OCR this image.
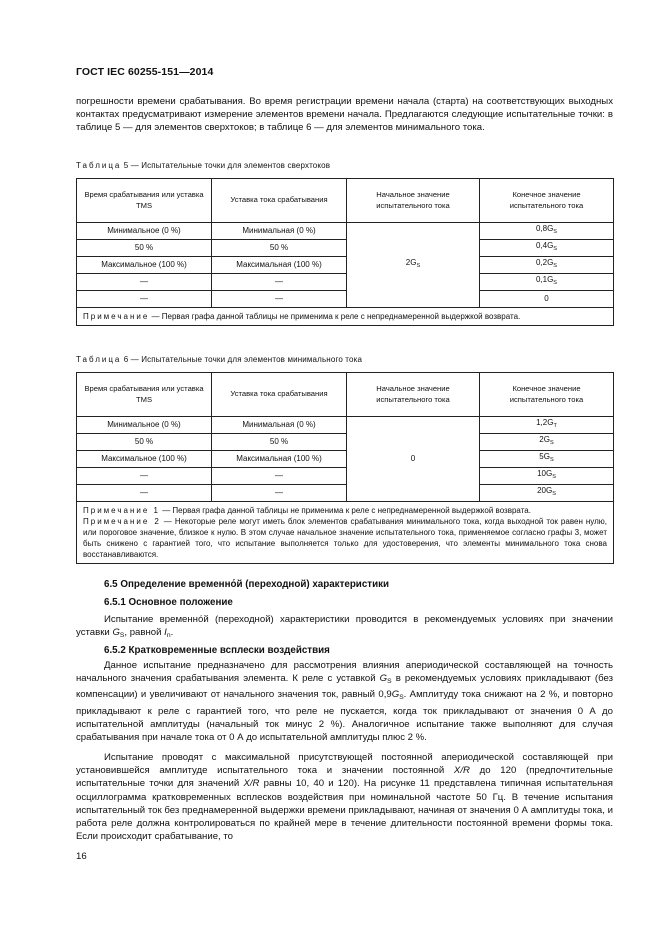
ГОСТ IEC 60255-151—2014

погрешности времени срабатывания. Во время регистрации времени начала (старта) на соответствующих выходных контактах предусматривают измерение элементов времени начала. Предлагаются следующие испытательные точки: в таблице 5 — для элементов сверхтоков; в таблице 6 — для элементов минимального тока.

Таблица 5 — Испытательные точки для элементов сверхтоков
Время срабатывания или уставка TMS	Уставка тока срабатывания	Начальное значение испытательного тока	Конечное значение испытательного тока
Минимальное (0 %)	Минимальная (0 %)	$2G_S$	$0,8G_S$
50 %	50 %		$0,4G_S$
Максимальное (100 %)	Максимальная (100 %)		$0,2G_S$
—	—		$0,1G_S$
—	—		0

Примечание — Первая графа данной таблицы не применима к реле с непреднамеренной выдержкой возврата.			

Таблица 6 — Испытательные точки для элементов минимального тока
Время срабатывания или уставка TMS	Уставка тока срабатывания	Начальное значение испытательного тока	Конечное значение испытательного тока
Минимальное (0 %)	Минимальная (0 %)	0	$1,2G_T$
50 %	50 %		$2G_S$
Максимальное (100 %)	Максимальная (100 %)		$5G_S$
—	—		$10G_S$
—	—		$20G_S$

Примечание 1 — Первая графа данной таблицы не применима к реле с непреднамеренной выдержкой возврата.

Примечание 2 — Некоторые реле могут иметь блок элементов срабатывания минимального тока, когда выходной ток равен нулю, или пороговое значение, близкое к нулю. В этом случае начальное значение испытательного тока, применяемое согласно графы 3, может быть снижено с гарантией того, что испытание выполняется только для удостоверения, что элементы минимального тока снова восстанавливаются.			

6.5 Определение временно́й (переходной) характеристики
6.5.1 Основное положение

Испытание временно́й (переходной) характеристики проводится в рекомендуемых условиях при значении уставки $G_S$, равной $I_n$.

6.5.2 Кратковременные всплески воздействия

Данное испытание предназначено для рассмотрения влияния апериодической составляющей на точность начального значения срабатывания элемента. К реле с уставкой $G_S$ в рекомендуемых условиях прикладывают (без компенсации) и увеличивают от начального значения ток, равный $0,9G_S$. Амплитуду тока снижают на 2 %, и повторно прикладывают к реле с гарантией того, что реле не пускается, когда ток прикладывают от значения 0 А до испытательной амплитуды (начальный ток минус 2 %). Аналогичное испытание также выполняют для случая срабатывания при начале тока от 0 А до испытательной амплитуды плюс 2 %.

Испытание проводят с максимальной присутствующей постоянной апериодической составляющей при установившейся амплитуде испытательного тока и значении постоянной X/R до 120 (предпочтительные испытательные точки для значений X/R равны 10, 40 и 120). На рисунке 11 представлена типичная испытательная осциллограмма кратковременных всплесков воздействия при номинальной частоте 50 Гц. В течение испытания испытательный ток без преднамеренной выдержки времени прикладывают, начиная от значения 0 А амплитуды тока, и работа реле должна контролироваться по крайней мере в течение длительности постоянной времени формы тока. Если происходит срабатывание, то

16
